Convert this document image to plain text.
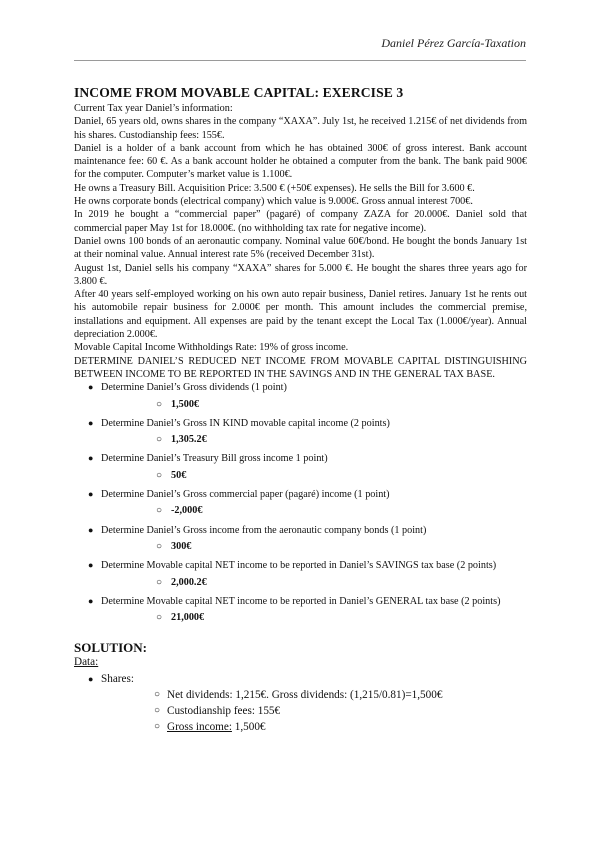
Daniel Pérez García-Taxation
INCOME FROM MOVABLE CAPITAL: EXERCISE 3

Current Tax year Daniel’s information:

Daniel, 65 years old, owns shares in the company “XAXA”. July 1st, he received 1.215€ of net dividends from his shares. Custodianship fees: 155€.

Daniel is a holder of a bank account from which he has obtained 300€ of gross interest. Bank account maintenance fee: 60 €. As a bank account holder he obtained a computer from the bank. The bank paid 900€ for the computer. Computer’s market value is 1.100€.

He owns a Treasury Bill. Acquisition Price: 3.500 € (+50€ expenses). He sells the Bill for 3.600 €.

He owns corporate bonds (electrical company) which value is 9.000€. Gross annual interest 700€.

In 2019 he bought a “commercial paper” (pagaré) of company ZAZA for 20.000€. Daniel sold that commercial paper May 1st for 18.000€. (no withholding tax rate for negative income).

Daniel owns 100 bonds of an aeronautic company. Nominal value 60€/bond. He bought the bonds January 1st at their nominal value. Annual interest rate 5% (received December 31st).

August 1st, Daniel sells his company “XAXA” shares for 5.000 €. He bought the shares three years ago for 3.800 €.

After 40 years self-employed working on his own auto repair business, Daniel retires. January 1st he rents out his automobile repair business for 2.000€ per month. This amount includes the commercial premise, installations and equipment. All expenses are paid by the tenant except the Local Tax (1.000€/year). Annual depreciation 2.000€.

Movable Capital Income Withholdings Rate: 19% of gross income.

DETERMINE DANIEL’S REDUCED NET INCOME FROM MOVABLE CAPITAL DISTINGUISHING BETWEEN INCOME TO BE REPORTED IN THE SAVINGS AND IN THE GENERAL TAX BASE.

● Determine Daniel’s Gross dividends (1 point)
○ 1,500€
● Determine Daniel’s Gross IN KIND movable capital income (2 points)
○ 1,305.2€
● Determine Daniel’s Treasury Bill gross income 1 point)
○ 50€
● Determine Daniel’s Gross commercial paper (pagaré) income (1 point)
○ -2,000€
● Determine Daniel’s Gross income from the aeronautic company bonds (1 point)
○ 300€
● Determine Movable capital NET income to be reported in Daniel’s SAVINGS tax base (2 points)
○ 2,000.2€
● Determine Movable capital NET income to be reported in Daniel’s GENERAL tax base (2 points)
○ 21,000€
SOLUTION:
Data:
● Shares:
○ Net dividends: 1,215€. Gross dividends: (1,215/0.81)=1,500€
○ Custodianship fees: 155€
○ Gross income: 1,500€
